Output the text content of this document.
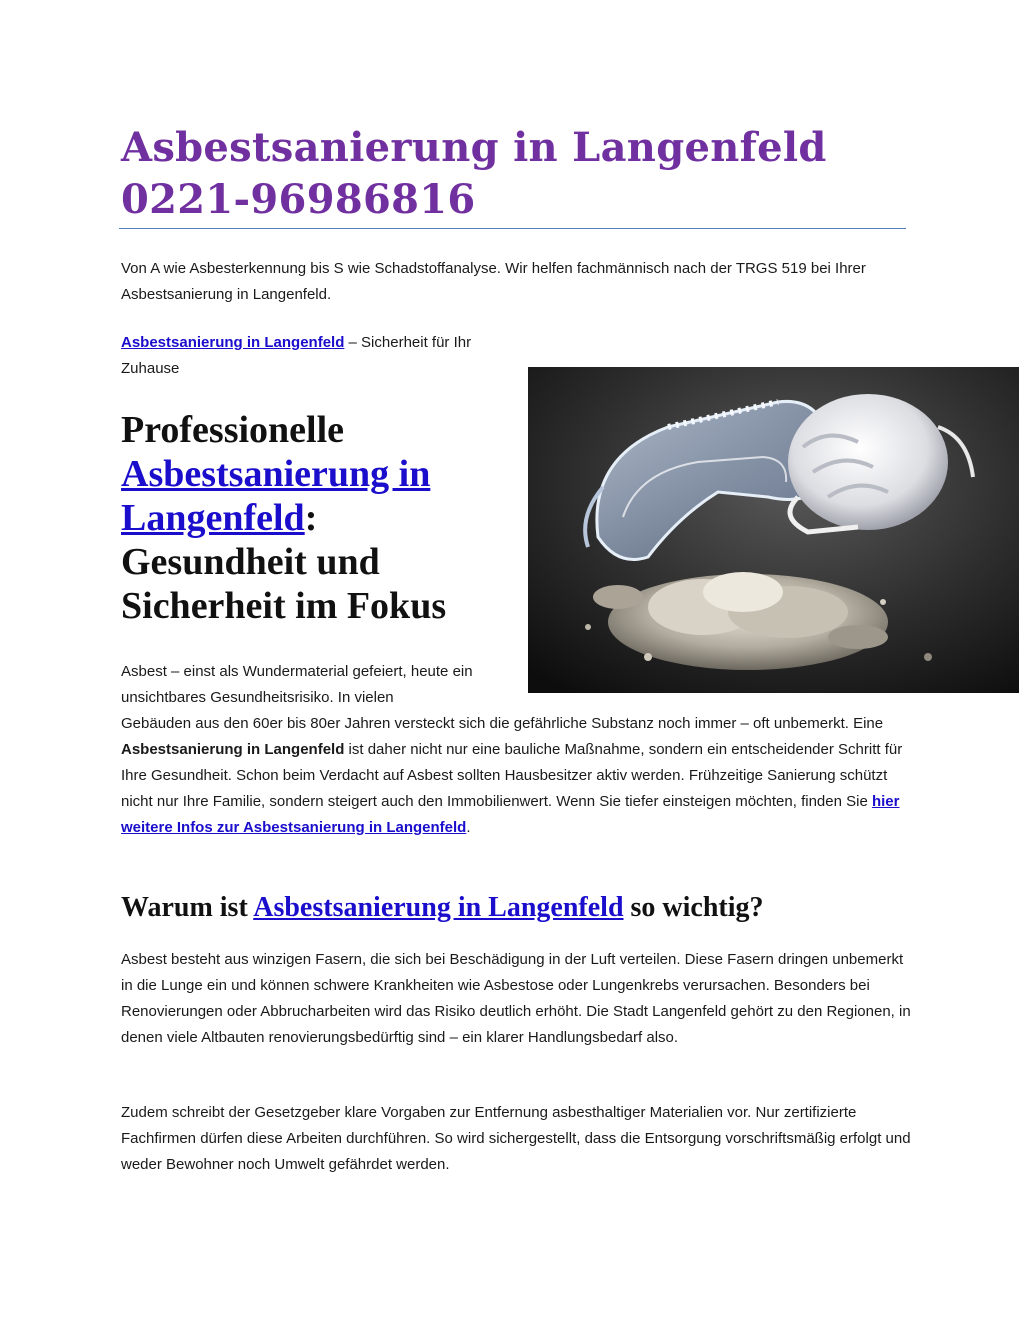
Asbestsanierung in Langenfeld 0221-96986816

Von A wie Asbesterkennung bis S wie Schadstoffanalyse. Wir helfen fachmännisch nach der TRGS 519 bei Ihrer Asbestsanierung in Langenfeld.

Asbestsanierung in Langenfeld – Sicherheit für Ihr Zuhause

Professionelle Asbestsanierung in Langenfeld: Gesundheit und Sicherheit im Fokus

Asbest – einst als Wundermaterial gefeiert, heute ein unsichtbares Gesundheitsrisiko. In vielen

Gebäuden aus den 60er bis 80er Jahren versteckt sich die gefährliche Substanz noch immer – oft unbemerkt. Eine Asbestsanierung in Langenfeld ist daher nicht nur eine bauliche Maßnahme, sondern ein entscheidender Schritt für Ihre Gesundheit. Schon beim Verdacht auf Asbest sollten Hausbesitzer aktiv werden. Frühzeitige Sanierung schützt nicht nur Ihre Familie, sondern steigert auch den Immobilienwert. Wenn Sie tiefer einsteigen möchten, finden Sie hier weitere Infos zur Asbestsanierung in Langenfeld.

Warum ist Asbestsanierung in Langenfeld so wichtig?

Asbest besteht aus winzigen Fasern, die sich bei Beschädigung in der Luft verteilen. Diese Fasern dringen unbemerkt in die Lunge ein und können schwere Krankheiten wie Asbestose oder Lungenkrebs verursachen. Besonders bei Renovierungen oder Abbrucharbeiten wird das Risiko deutlich erhöht. Die Stadt Langenfeld gehört zu den Regionen, in denen viele Altbauten renovierungsbedürftig sind – ein klarer Handlungsbedarf also.

Zudem schreibt der Gesetzgeber klare Vorgaben zur Entfernung asbesthaltiger Materialien vor. Nur zertifizierte Fachfirmen dürfen diese Arbeiten durchführen. So wird sichergestellt, dass die Entsorgung vorschriftsmäßig erfolgt und weder Bewohner noch Umwelt gefährdet werden.
